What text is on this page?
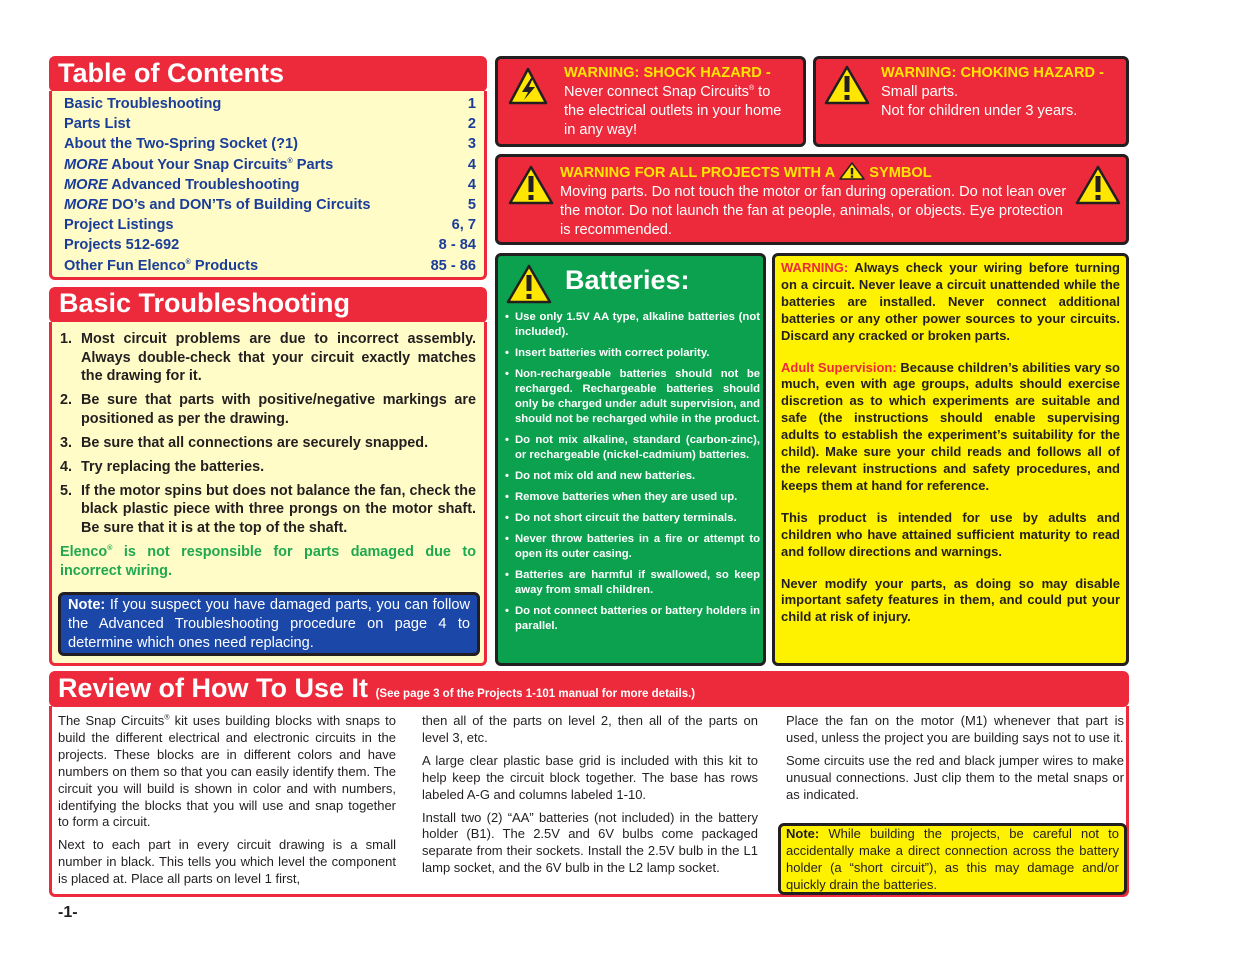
Table of Contents
Basic Troubleshooting	1
Parts List	2
About the Two-Spring Socket (?1)	3
MORE About Your Snap Circuits® Parts	4
MORE Advanced Troubleshooting	4
MORE DO’s and DON’Ts of Building Circuits	5
Project Listings	6, 7
Projects 512-692	8 - 84
Other Fun Elenco® Products	85 - 86
Basic Troubleshooting
1. Most circuit problems are due to incorrect assembly. Always double-check that your circuit exactly matches the drawing for it.
2. Be sure that parts with positive/negative markings are positioned as per the drawing.
3. Be sure that all connections are securely snapped.
4. Try replacing the batteries.
5. If the motor spins but does not balance the fan, check the black plastic piece with three prongs on the motor shaft. Be sure that it is at the top of the shaft.
Elenco® is not responsible for parts damaged due to incorrect wiring.
Note: If you suspect you have damaged parts, you can follow the Advanced Troubleshooting procedure on page 4 to determine which ones need replacing.
WARNING: SHOCK HAZARD -
Never connect Snap Circuits® to
the electrical outlets in your home
in any way!
WARNING: CHOKING HAZARD -
Small parts.
Not for children under 3 years.
WARNING FOR ALL PROJECTS WITH A SYMBOL
Moving parts. Do not touch the motor or fan during operation. Do not lean over the motor. Do not launch the fan at people, animals, or objects. Eye protection is recommended.
Batteries:
• Use only 1.5V AA type, alkaline batteries (not included).
• Insert batteries with correct polarity.
• Non-rechargeable batteries should not be recharged. Rechargeable batteries should only be charged under adult supervision, and should not be recharged while in the product.
• Do not mix alkaline, standard (carbon-zinc), or rechargeable (nickel-cadmium) batteries.
• Do not mix old and new batteries.
• Remove batteries when they are used up.
• Do not short circuit the battery terminals.
• Never throw batteries in a fire or attempt to open its outer casing.
• Batteries are harmful if swallowed, so keep away from small children.
• Do not connect batteries or battery holders in parallel.

WARNING: Always check your wiring before turning on a circuit. Never leave a circuit unattended while the batteries are installed. Never connect additional batteries or any other power sources to your circuits. Discard any cracked or broken parts.

Adult Supervision: Because children’s abilities vary so much, even with age groups, adults should exercise discretion as to which experiments are suitable and safe (the instructions should enable supervising adults to establish the experiment’s suitability for the child). Make sure your child reads and follows all of the relevant instructions and safety procedures, and keeps them at hand for reference.

This product is intended for use by adults and children who have attained sufficient maturity to read and follow directions and warnings.

Never modify your parts, as doing so may disable important safety features in them, and could put your child at risk of injury.

Review of How To Use It (See page 3 of the Projects 1-101 manual for more details.)

The Snap Circuits® kit uses building blocks with snaps to build the different electrical and electronic circuits in the projects. These blocks are in different colors and have numbers on them so that you can easily identify them. The circuit you will build is shown in color and with numbers, identifying the blocks that you will use and snap together to form a circuit.

Next to each part in every circuit drawing is a small number in black. This tells you which level the component is placed at. Place all parts on level 1 first,

then all of the parts on level 2, then all of the parts on level 3, etc.

A large clear plastic base grid is included with this kit to help keep the circuit block together. The base has rows labeled A-G and columns labeled 1-10.

Install two (2) “AA” batteries (not included) in the battery holder (B1). The 2.5V and 6V bulbs come packaged separate from their sockets. Install the 2.5V bulb in the L1 lamp socket, and the 6V bulb in the L2 lamp socket.

Place the fan on the motor (M1) whenever that part is used, unless the project you are building says not to use it.

Some circuits use the red and black jumper wires to make unusual connections. Just clip them to the metal snaps or as indicated.

Note: While building the projects, be careful not to accidentally make a direct connection across the battery holder (a “short circuit”), as this may damage and/or quickly drain the batteries.
-1-
